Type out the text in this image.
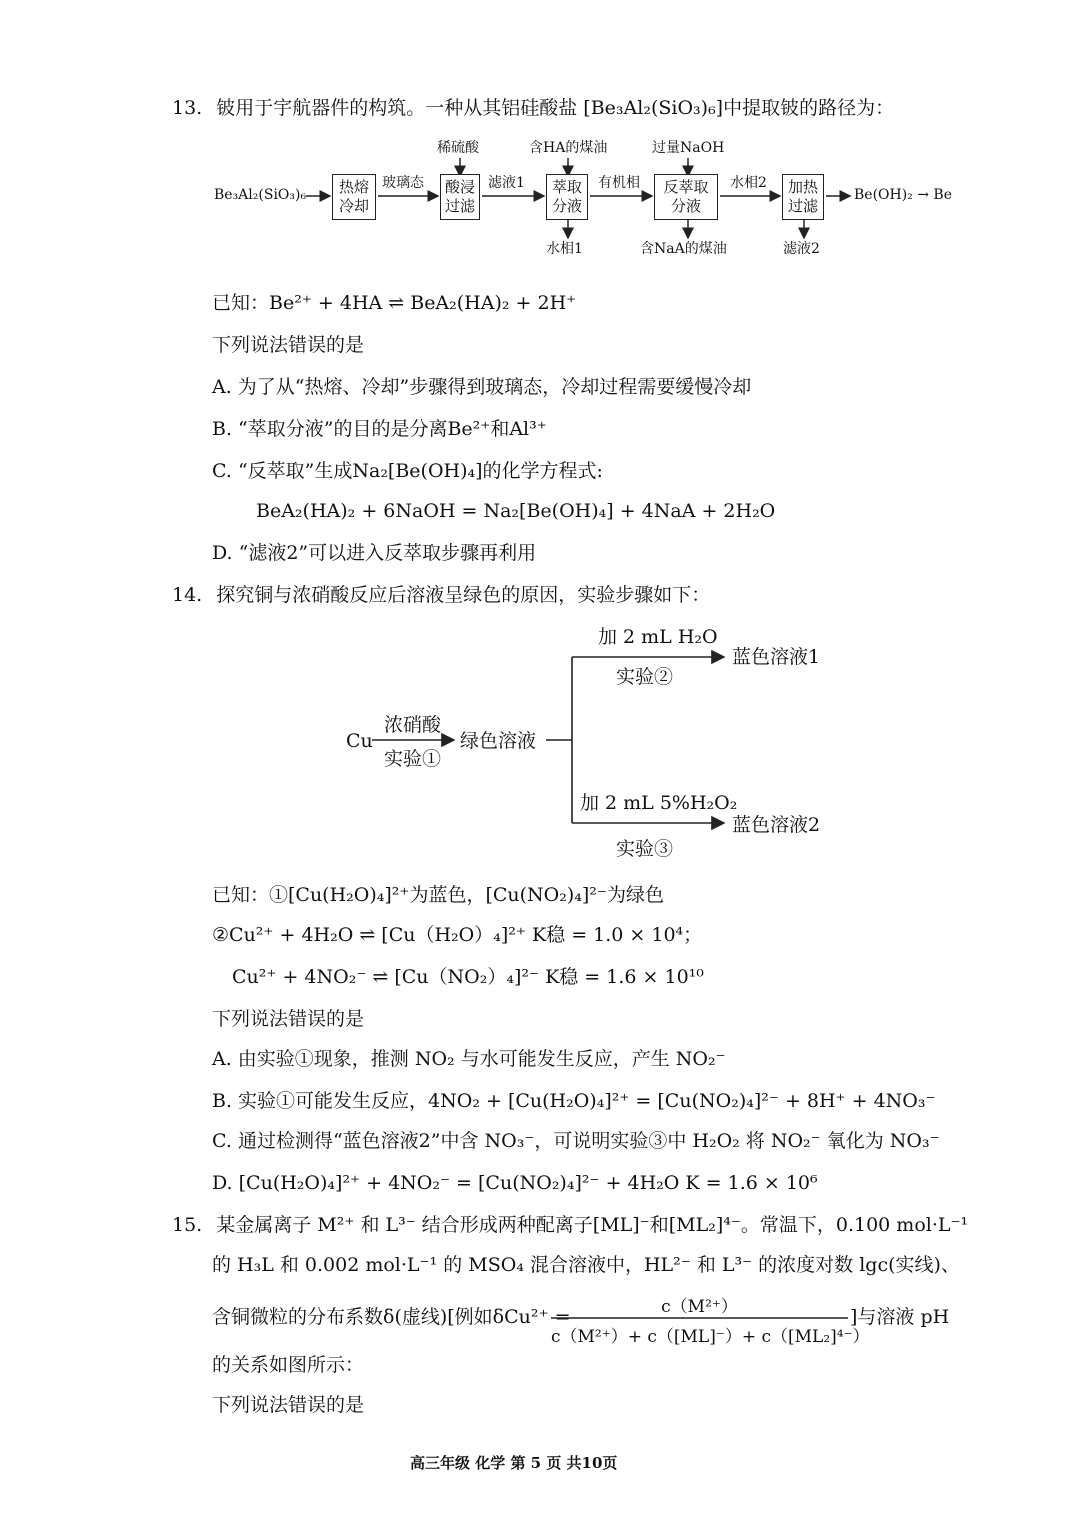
13. 铍用于宇航器件的构筑。一种从其铝硅酸盐 [Be₃Al₂(SiO₃)₆]中提取铍的路径为：
Be₃Al₂(SiO₃)₆ 热熔
冷却
玻璃态
稀硫酸
酸浸
过滤
滤液1
含HA的煤油
萃取
分液
水相1
有机相
过量NaOH
反萃取
分液
含NaA的煤油
水相2 加热
过滤
滤液2
Be(OH)₂ → Be
已知：Be²⁺ + 4HA ⇌ BeA₂(HA)₂ + 2H⁺
下列说法错误的是
A. 为了从“热熔、冷却”步骤得到玻璃态，冷却过程需要缓慢冷却
B. “萃取分液”的目的是分离Be²⁺和Al³⁺
C. “反萃取”生成Na₂[Be(OH)₄]的化学方程式:
BeA₂(HA)₂ + 6NaOH = Na₂[Be(OH)₄] + 4NaA + 2H₂O
D. “滤液2”可以进入反萃取步骤再利用
14. 探究铜与浓硝酸反应后溶液呈绿色的原因，实验步骤如下：
Cu
浓硝酸
实验①
绿色溶液
加 2 mL H₂O
实验②
蓝色溶液1
加 2 mL 5%H₂O₂
实验③
蓝色溶液2
已知：①[Cu(H₂O)₄]²⁺为蓝色，[Cu(NO₂)₄]²⁻为绿色
②Cu²⁺ + 4H₂O ⇌ [Cu（H₂O）₄]²⁺ K稳 = 1.0 × 10⁴；
Cu²⁺ + 4NO₂⁻ ⇌ [Cu（NO₂）₄]²⁻ K稳 = 1.6 × 10¹⁰
下列说法错误的是
A. 由实验①现象，推测 NO₂ 与水可能发生反应，产生 NO₂⁻
B. 实验①可能发生反应，4NO₂ + [Cu(H₂O)₄]²⁺ = [Cu(NO₂)₄]²⁻ + 8H⁺ + 4NO₃⁻
C. 通过检测得“蓝色溶液2”中含 NO₃⁻，可说明实验③中 H₂O₂ 将 NO₂⁻ 氧化为 NO₃⁻
D. [Cu(H₂O)₄]²⁺ + 4NO₂⁻ = [Cu(NO₂)₄]²⁻ + 4H₂O K = 1.6 × 10⁶
15. 某金属离子 M²⁺ 和 L³⁻ 结合形成两种配离子[ML]⁻和[ML₂]⁴⁻。常温下，0.100 mol·L⁻¹
的 H₃L 和 0.002 mol·L⁻¹ 的 MSO₄ 混合溶液中，HL²⁻ 和 L³⁻ 的浓度对数 lgc(实线)、
含铜微粒的分布系数δ(虚线)[例如δCu²⁺ =	c（M²⁺）
c（M²⁺）+ c（[ML]⁻）+ c（[ML₂]⁴⁻）
]与溶液 pH
的关系如图所示：
下列说法错误的是
高三年级 化学 第 5 页 共10页
